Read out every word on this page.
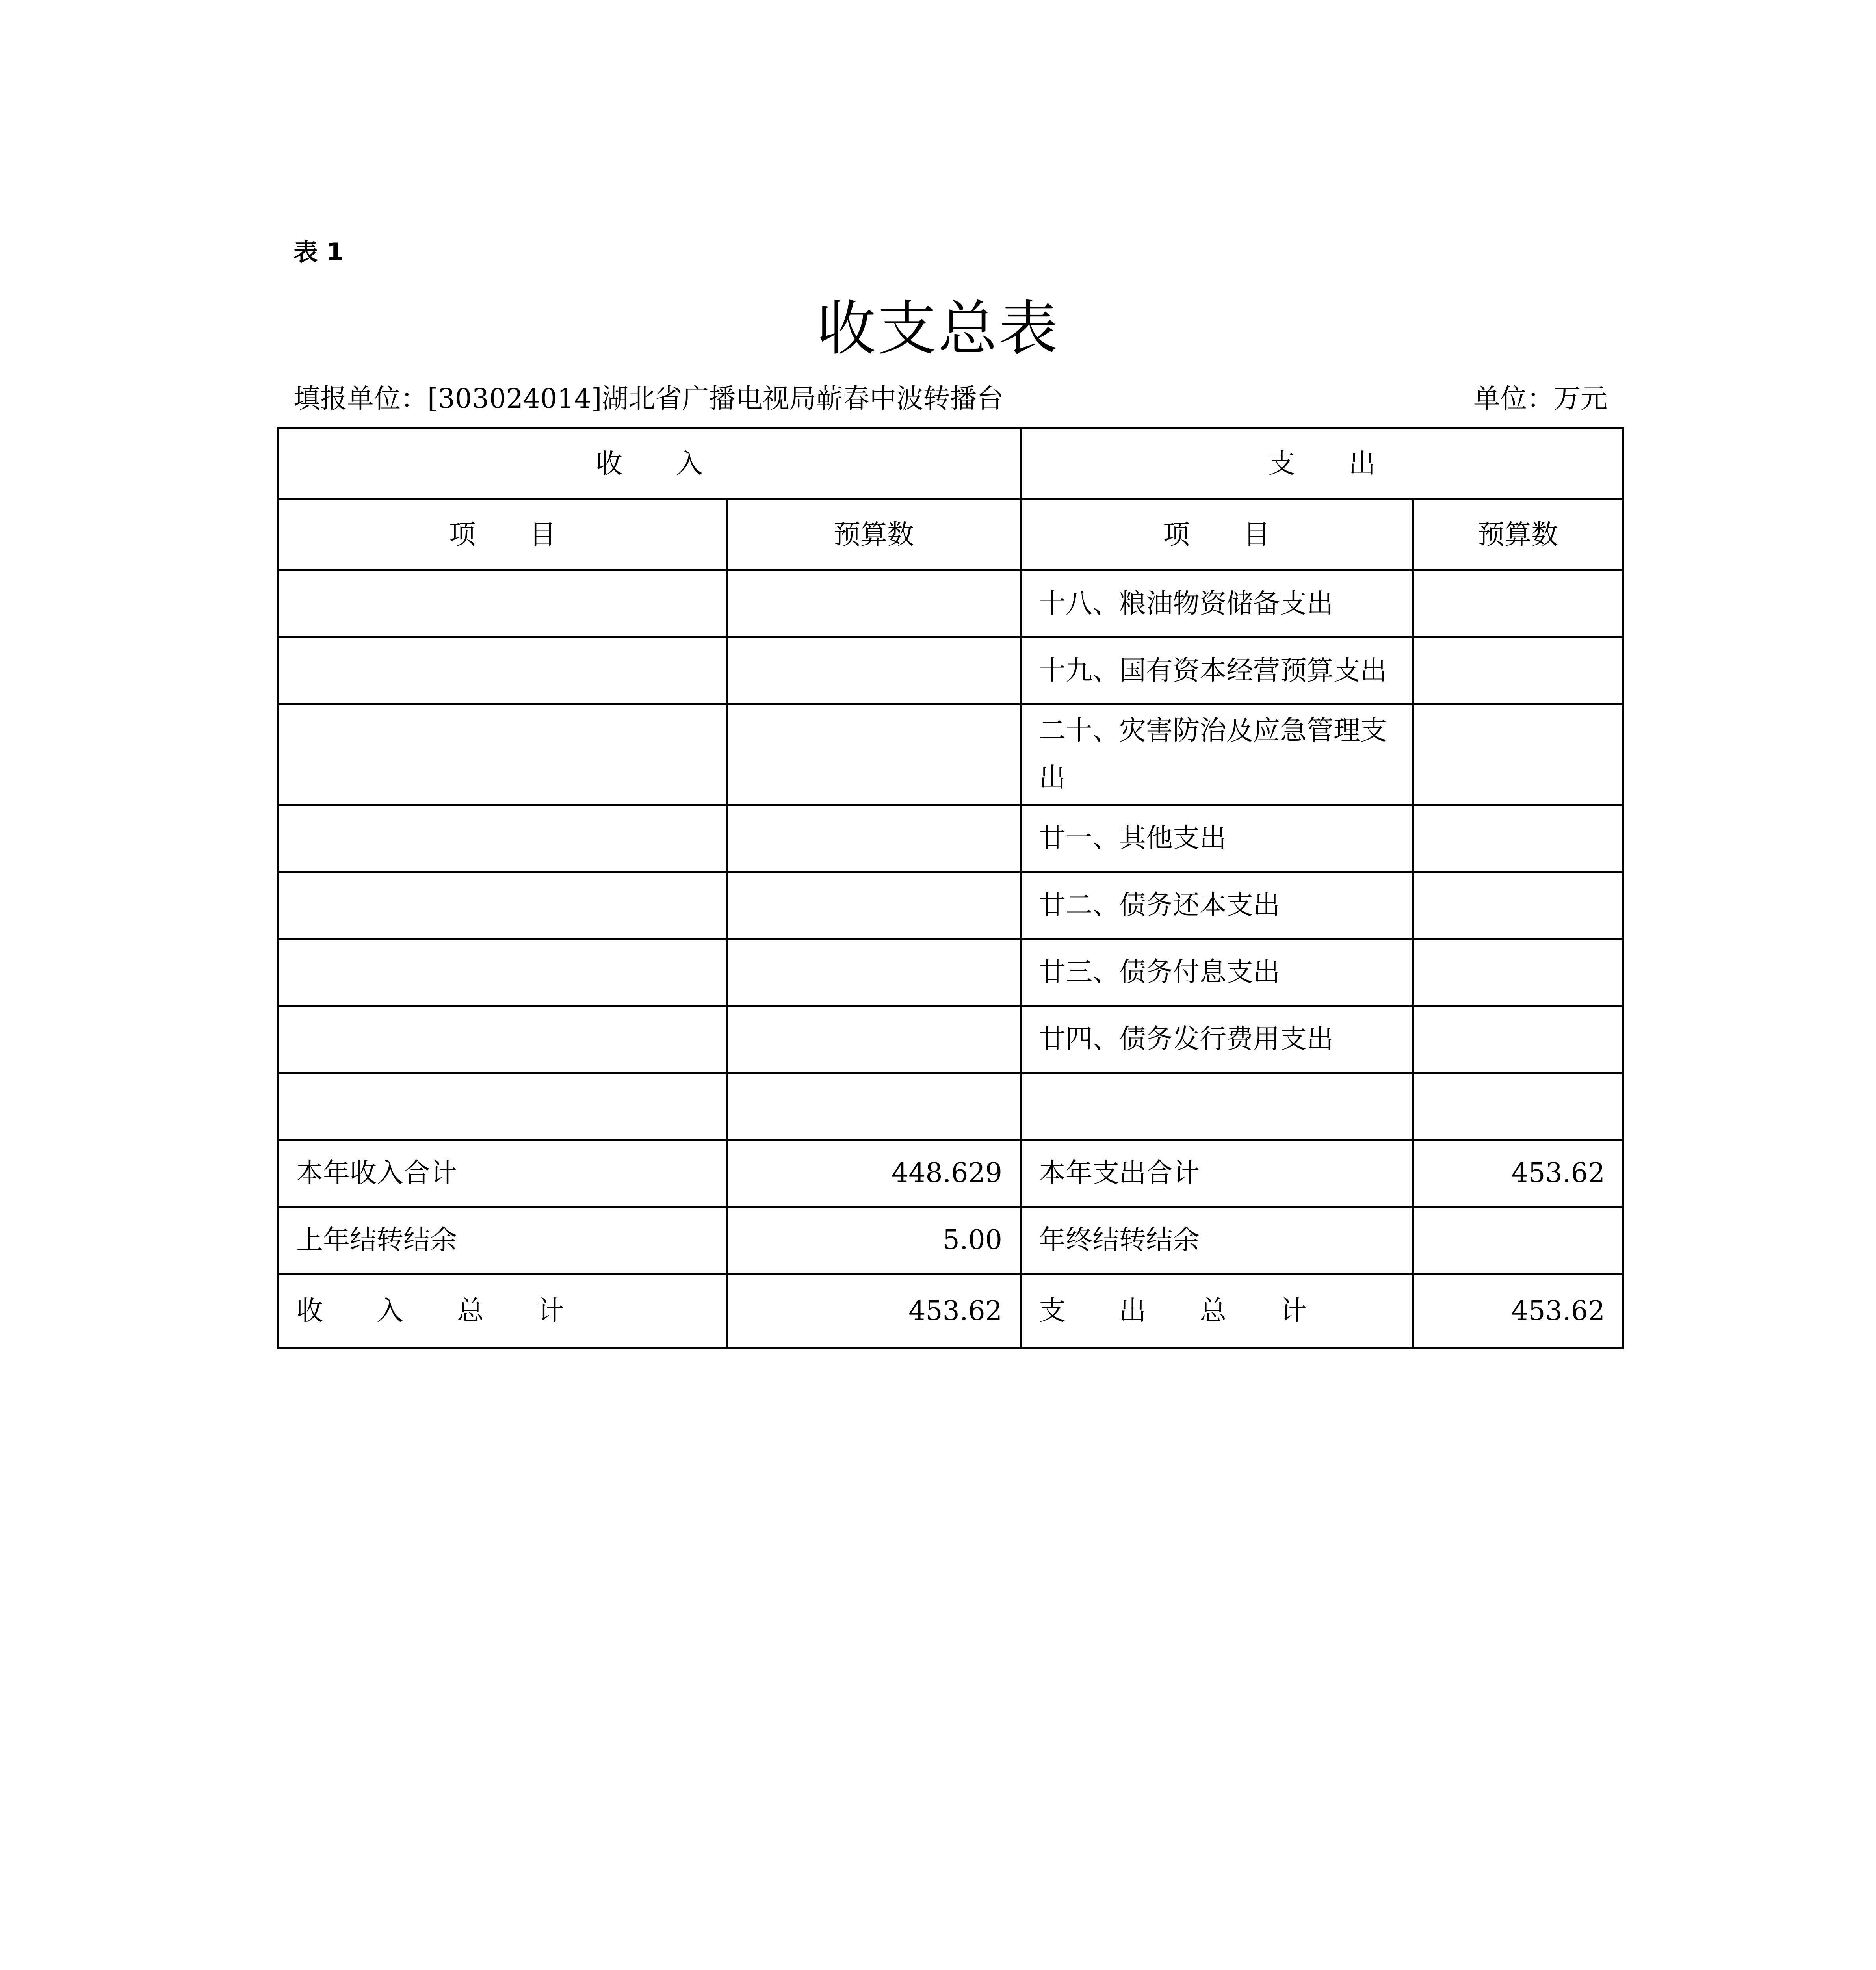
表 1
收支总表
填报单位：[303024014]湖北省广播电视局蕲春中波转播台	单位：万元
收　　入		支　　出	
项　　目	预算数	项　　目	预算数
		十八、粮油物资储备支出	
		十九、国有资本经营预算支出	
		二十、灾害防治及应急管理支出	
		廿一、其他支出	
		廿二、债务还本支出	
		廿三、债务付息支出	
		廿四、债务发行费用支出	

本年收入合计	448.629	本年支出合计	453.62
上年结转结余	5.00	年终结转结余	
收　　入　　总　　计	453.62	支　　出　　总　　计	453.62
